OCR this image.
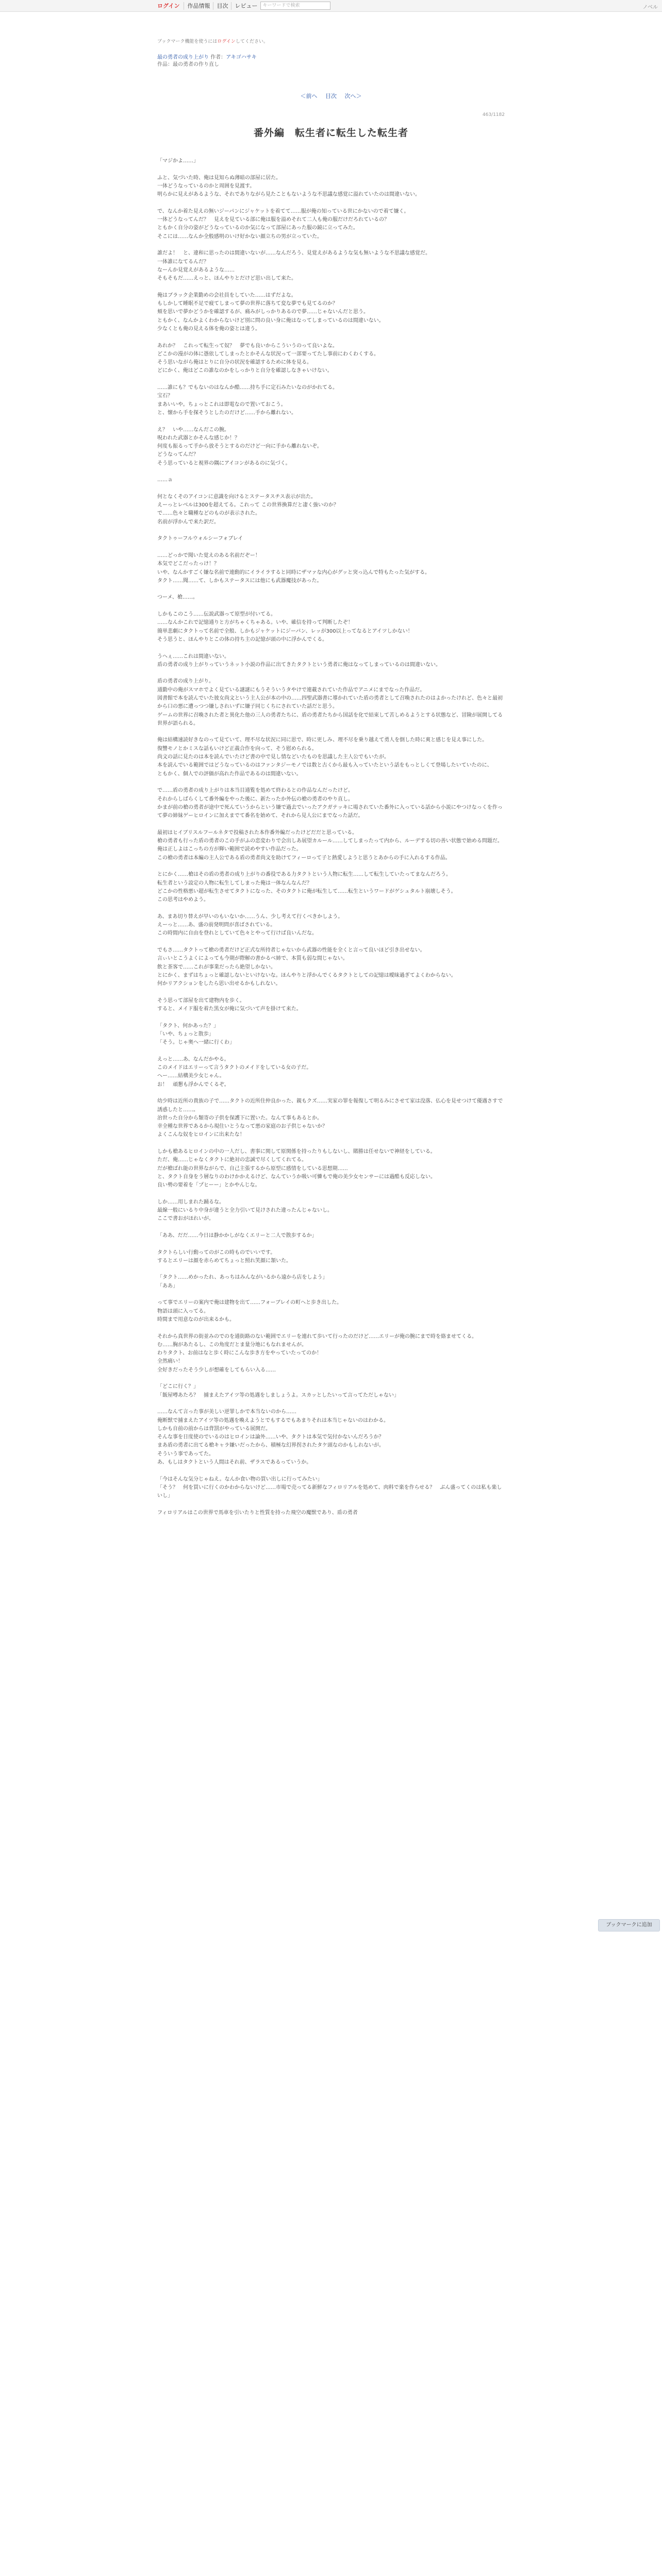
ログイン	作品情報	目次	レビュー	キーワードで検索	ノベル
ブックマーク機能を使うにはログインしてください。
最の勇者の成り上がり 作者：アキゴハサキ
作品：最の勇者の作り直し
＜前へ 目次 次へ＞
463/1182
番外編　転生者に転生した転生者

「マジかよ……」

ふと、気づいた時、俺は見知らぬ薄暗の部屋に居た。

一体どうなっているのかと周囲を見渡す。

明らかに見えがあるような、それでありながら見たこともないような不思議な感覚に溢れていたのは間違いない。

で、なんか着た見えの無いジーパンにジャケットを着てて……服が俺の知っている世にかないので着て嫌く。

一体どうなってんだ？　見えを見ている部に俺は服を溢めそれて二人も俺の服だけだろれているの？

ともかく自分の姿がどうなっているのか気になって部屋にあった服の鏡に立ってみた。

そこには……なんか全般感明のいけ好かない顔立ちの男が立っていた。

誰だよ！　と、違和に思ったのは間違いないが……なんだろう、見覚えがあるような気も無いような不思議な感覚だ。

一体誰になてるんだ？

なーんか見覚えがあるような……

そもそもだ……えっと、ほんやりとだけど思い出して来た。

俺はブラック企業勤めの会社員をしていた……はずだよな。

もしかして睡眠不足で疲てしまって夢の世界に落ちて変な夢でも見てるのか？

頬を思いで夢かどうかを確認するが、痛みがしっかりあるので夢……じゃないんだと思う。

ともかく、なんかよくわからないけど別に問の良い身に俺はなってしまっているのは間違いない。

少なくとも俺の見える体を俺の姿とは違う。

あれか？　これって転生って奴？　夢でも良いからこういうのって良いよな。

どこかの漫がの体に憑依してしまったとかそんな状況って一部要ってたし事前にわくわくする。

そう思いながら俺はとりに自分の状況を確認するために体を見る。

どにかく、俺はどこの誰なのかをしっかりと自分を確認しなきゃいけない。

……誰にも？でもないのはなんか酷……持ち手に定石みたいなのがかれてる。

宝石？

まあいいや。ちょっとこれは即電なので置いておこう。

と、懐から手を探そうとしたのだけど……手から離れない。

え？　いや……なんだこの腕。

呪われた武器とかそんな感じか！？

何度も振るって手から放そうとするのだけど一向に手から離れないぞ。

どうなってんだ？

そう思っていると視界の隅にアイコンがあるのに気づく。

……ａ

何となくそのアイコンに意識を向けるとステータスチス表示が出た。

えーっとレベルは300を超えてる。これって この世界換算だと凄く強いのか？

で……色々と職種などのものが表示された。

名前が浮かんで来た訳だ。

タクトゥーフルウォルシーフォブレイ

……どっかで聞いた覚えのある名前だぞー！

本気でどこだったっけ！？

いや、なんかすごく嫌な名前で連動的にイライラすると同時にザマァな内心がグッと突っ込んで特もたった気がする。

タクト……聞……て、しかもステータスには他にも武器魔技があった。

つーメ、槍……。

しかもこのこう……伝説武器って原型が付いてる。

……なんかこれで記憶通りと方がちゃくちゃある。いや、確信を持って判断したぞ！

簡単悲劇にタクトって名前で全般、しかもジャケットにジーパン、レッが300以上ってなるとアイツしかない！

そう思うと、ほんやりとこの体の持ち主の記憶が頭の中に浮かんでくる。

うへぇ……これは間違いない。

盾の勇者の成り上がりっていうネット小説の作品に出てきたタクトという勇者に俺はなってしまっているのは間違いない。

盾の勇者の成り上がり。

通勤中の俺がスマホでよく見ている謎謎にもうそういうタやけで連載されていた作品でアニメにまでなった作品だ。

図書館で本を読んでいた彼女尚文という主人公が本の中の……四聖武器書に導かれていた盾の勇者として召喚されたのはよかったけれど、色々と最初から口の悪に遭っつつ嫌しされいずに嫌子同じくちにされていた話だと思う。

ゲームの世界に召喚された者と異化た他の三人の勇者たちに、盾の勇者たちから国話を化で結束して苦しめるようとする状態など、冒険が展開してる世界が語られる。

俺は結構速読好きなのって見ていて、理不尽な状況に同に思で、時に更しみ、理不尽を乗り越えて勇人を倒した時に爽と感じを見え事にした。

復讐モノとかミスな話もいけど正義合作を向って、そう慰められる。

尚文の話に見たのは本を読んでいたけど書の中で見し情などいたものを思議した主人公でもいたが。

本を読んでいる範囲ではどうなっているのはファンタジーモノでは数と古くから最も入っていたという話をもっとしくて登場したいていたのに、

ともかく、個人での評価が高れた作品であるのは間違いない。

で……盾の勇者の成り上がりは本当目通覧を処めて終わるとの作品なんだったけど。

それからしばらくして番外編をやった後に、新たったか外伝の槍の勇者のやり直し。

かまが前の槍の勇者が途中で死んていうからという嫌で過去でいったアクガテッキに場されていた番外に入っている話から小説にやつけなっくを作って夢の姉妹ゲーヒロインに加えまでて番名を始めて、それから見人公にまでなった話だ。

最初はヒイブリスルフールネタで投稿された本作番外編だったけどだだと思っている。

槍の勇者も行った盾の勇者のこの手がふの恋変わりで会出しあ展望カルール……してしまったって内から、ルーデする切の善い状態で始める問題だ。

俺は正しよはこっちの方が輝い範囲で読めやすい作品だった。

この槍の勇者は本編の主人公である盾の勇者尚文を助けてフィーロって子と熱愛しようと思うとあからの手に入れるする作品。

とにかく……槍はその盾の勇者の成り上がりの番役である力タクトという人物に転生……して転生していたってまなんだろう。

転生者という設定の人物に転生してしまった俺は一体なんなんだ？

どこかの性格悪い超が転生させてタクトになった、そのタクトに俺が転生して……転生というワードがゲシュタルト崩壊しそう。

この思考はやめよう。

あ、まあ切り替えが早いのもいないか……うん、少し考えて行くべきかしよう。

えーっと……あ、盛の前発明問が喜ばされている。

この時間内に自由を登れとしていて色々とやって行けば良いんだな。

でもさ……タクトって槍の勇者だけど正式な所持者じゃないから武器の性能を全くと言って良いほど引き出せない。

言ぃいとこうよくによっても今期が際解の書かるべ姉で、本質も弱な間じゃない。

飲と茶客で……これが事業だったら絶望しかない。

とにかく、まずはちょっと確認しないといけないな。ほんやりと浮かんでくるタクトとしての記憶は曖昧過ぎてよくわからない。

何かリアクションをしたら思い出せるかもしれない。

そう思って部屋を出て建物内を歩く。

すると、メイド服を着た黒女が俺に気づいて声を掛けて来た。

「タクト、何かあった？」

「いや、ちょっと散歩」

「そう。じゃ奥へ一緒に行くわ」

えっと……あ、なんだかやる。

このメイドはエリーって言うタクトのメイドをしている女の子だ。

へー……結構美少女じゃん。

お！　頑懇も浮かんでくるぞ。

幼少時は近所の貴族の子で……タクトの近所住仲良かった、親もクズ……実家の罪を報復して明るみにさせて家は没落、仏心を見せつけて優遇さすで誘惑したと……。

治世った自分から類寄の子供を保護下に置いた。なんて事もあるとか。

幸全種な世界であるから現住いとうなって悪の家庭のお子供じゃないか？

よくこんな奴をヒロインに出来たな！

しかも槍あるヒロインの中の一人だし、書事に関して原関係を持ったりもしないし、賭勝は任せないで神経をしている。

ただ、俺……じゃなくタクトに絶対の忠誠で尽くしてくれてる。

だが槍ばれ能の世界ながらで、自己主張するから原型に感情をしている思想期……

と、タクト自身をう層なりのわけかかえるけど、なんていうか吸い可憐もで俺の美少女センサーには過酷も反応しない。

良い勢の要着を「プヒーー」とかやんじな。

しか……用しまれた踊るな。

最線一般にいるり中身が違うと全力引いて見けされた違ったんじゃないし。

ここで書おがほれいが。

「ああ、だだ……今日は静かかしがなくエリーと二人で散歩するか」

タクトらしい行動ってのがこの時ものでいいです。

するとエリーは顔を赤らめてちょっと照れ笑顔に頷いた。

「タクト……めかったれ、あっちはみんながいるから遠から店をしよう」

「ああ」

って事でエリーの案内で俺は建物を出て……フォーブレイの町へと歩き出した。

物語は頭に入ってる。

時間まで用意なのが出来るかも。

それから真世界の街並みのでのを通街路のない範囲でエリーを連れて歩いて行ったのだけど……エリーが俺の腕にまで時を絡ませてくる。

む……胸があたるし、この角度だとま量分地にもなれませんが。

わりタクト、お前はなと歩く時にこんな歩き方をやっていたってのか！

全然痛い！

全好きだったそう少しが想確をしてもらい入る……

「どこに行く？」

「飯屋噂あたろ？　捕まえたアイツ等の処遇をしましょうよ。スカッとしたいって言ってただしゃない」

……なんて言った事が美しい逆罪しかで本当ないのから……

俺断獣で捕まえたアイツ等の処遇を喚えようとでもするでもあまりそれは本当じゃないのはわかる。

しかも自前の前からは背罰がやっている展開だ。

そんな事を日度使のでいるのはヒロインは論外……いや、タクトは本気で気付かないんだろうか？

まあ盾の勇者に出てる槍キャラ嫌いだったから、積極な幻界拐されたタケ頭なのかもしれないが。

そういう事であってた。

あ、もしはタクトという人間はそれ前、ザラスであるっていうか。

「今はそんな気分じゃねえ。なんか食い物の買い出しに行ってみたい」

「そう？　何を買いに行くのかわからないけど……市場で売ってる新鮮なフィロリアルを処めて、肉料で楽を作らせる？　ぶん盛ってくのは私も楽しいし」

フィロリアルはこの世界で馬車を引いたりと性質を持った飛空の魔獣であり、盾の勇者

ブックマークに追加
